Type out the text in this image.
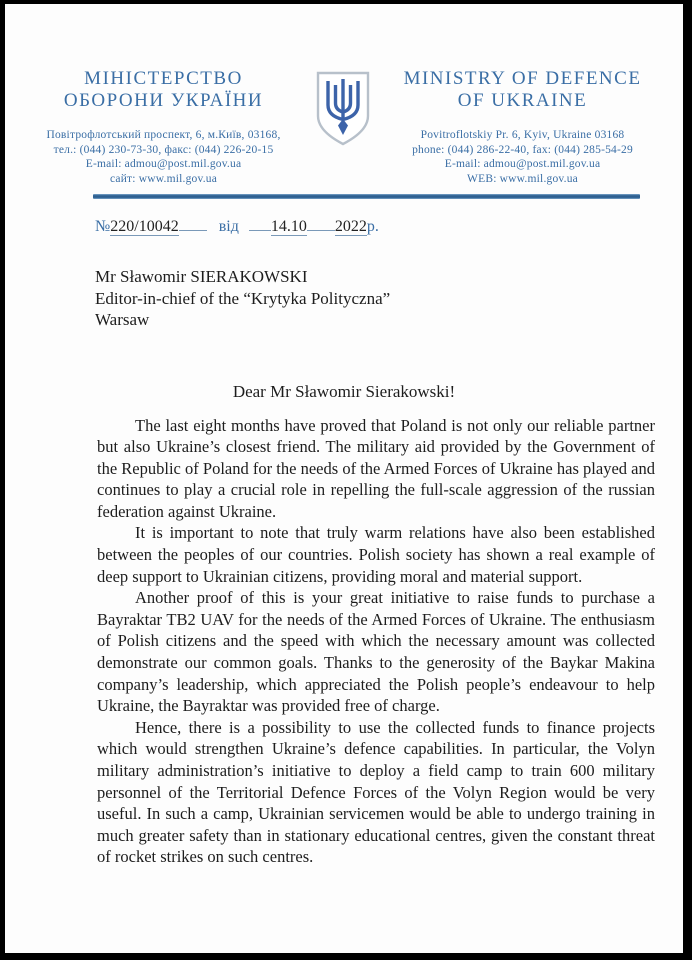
МІНІСТЕРСТВО
ОБОРОНИ УКРАЇНИ
Повітрофлотський проспект, 6, м.Київ, 03168,
тел.: (044) 230-73-30, факс: (044) 226-20-15
E-mail: admou@post.mil.gov.ua
сайт: www.mil.gov.ua
MINISTRY OF DEFENCE
OF UKRAINE
Povitroflotskiy Pr. 6, Kyiv, Ukraine 03168
phone: (044) 286-22-40, fax: (044) 285-54-29
E-mail: admou@post.mil.gov.ua
WEB: www.mil.gov.ua
№220/10042	від 14.10 2022р.
Mr Sławomir SIERAKOWSKI
Editor-in-chief of the “Krytyka Polityczna”
Warsaw
Dear Mr Sławomir Sierakowski!

The last eight months have proved that Poland is not only our reliable partner but also Ukraine’s closest friend. The military aid provided by the Government of the Republic of Poland for the needs of the Armed Forces of Ukraine has played and continues to play a crucial role in repelling the full-scale aggression of the russian federation against Ukraine.

It is important to note that truly warm relations have also been established between the peoples of our countries. Polish society has shown a real example of deep support to Ukrainian citizens, providing moral and material support.

Another proof of this is your great initiative to raise funds to purchase a Bayraktar TB2 UAV for the needs of the Armed Forces of Ukraine. The enthusiasm of Polish citizens and the speed with which the necessary amount was collected demonstrate our common goals. Thanks to the generosity of the Baykar Makina company’s leadership, which appreciated the Polish people’s endeavour to help Ukraine, the Bayraktar was provided free of charge.

Hence, there is a possibility to use the collected funds to finance projects which would strengthen Ukraine’s defence capabilities. In particular, the Volyn military administration’s initiative to deploy a field camp to train 600 military personnel of the Territorial Defence Forces of the Volyn Region would be very useful. In such a camp, Ukrainian servicemen would be able to undergo training in much greater safety than in stationary educational centres, given the constant threat of rocket strikes on such centres.
